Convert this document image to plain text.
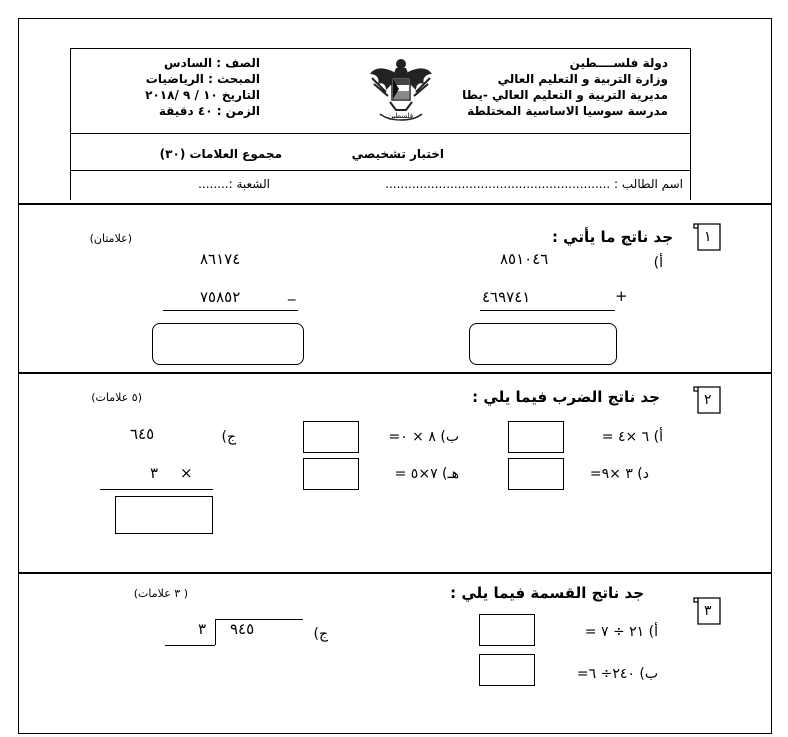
دولة فلســــطين
وزارة التربية و التعليم العالي
مديرية التربية و التعليم العالي -يطا
مدرسة سوسيا الاساسية المختلطة
الصف : السادس
المبحث : الرياضيات
التاريخ ١٠ / ٩ /٢٠١٨
الزمن : ٤٠ دقيقة	فلسطين
اختبار تشخيصي
مجموع العلامات (٣٠)
اسم الطالب : ...........................................................
الشعبة :........
١
جد ناتج ما يأتي :
(علامتان)
أ)
٨٥١٠٤٦
٤٦٩٧٤١	+
٨٦١٧٤
٧٥٨٥٢	_
٢
جد ناتج الضرب فيما يلي :
(٥ علامات)
أ) ٦ ×٤ =
ب) ٨ × ٠=
د) ٣ ×٩=
هـ) ٧×٥ =
ج)
٦٤٥
٣ ×
٣
جد ناتج القسمة فيما يلي :
( ٣ علامات)
أ) ٢١ ÷ ٧ =
ب) ٢٤٠÷ ٦=
ج)
٩٤٥
٣
